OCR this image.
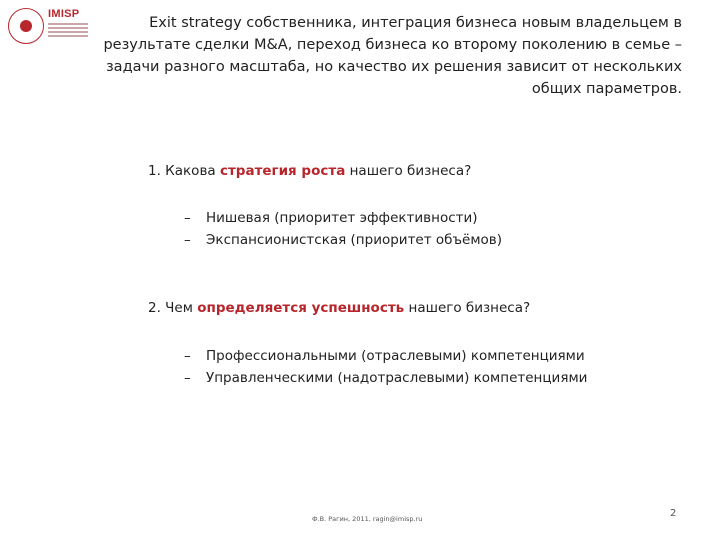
IMISP
Exit strategy собственника, интеграция бизнеса новым владельцем в результате сделки M&A, переход бизнеса ко второму поколению в семье – задачи разного масштаба, но качество их решения зависит от нескольких общих параметров.
1. Какова стратегия роста нашего бизнеса?
– Нишевая (приоритет эффективности)
– Экспансионистская (приоритет объёмов)
2. Чем определяется успешность нашего бизнеса?
– Профессиональными (отраслевыми) компетенциями
– Управленческими (надотраслевыми) компетенциями
Ф.В. Рагин, 2011, ragin@imisp.ru	2
